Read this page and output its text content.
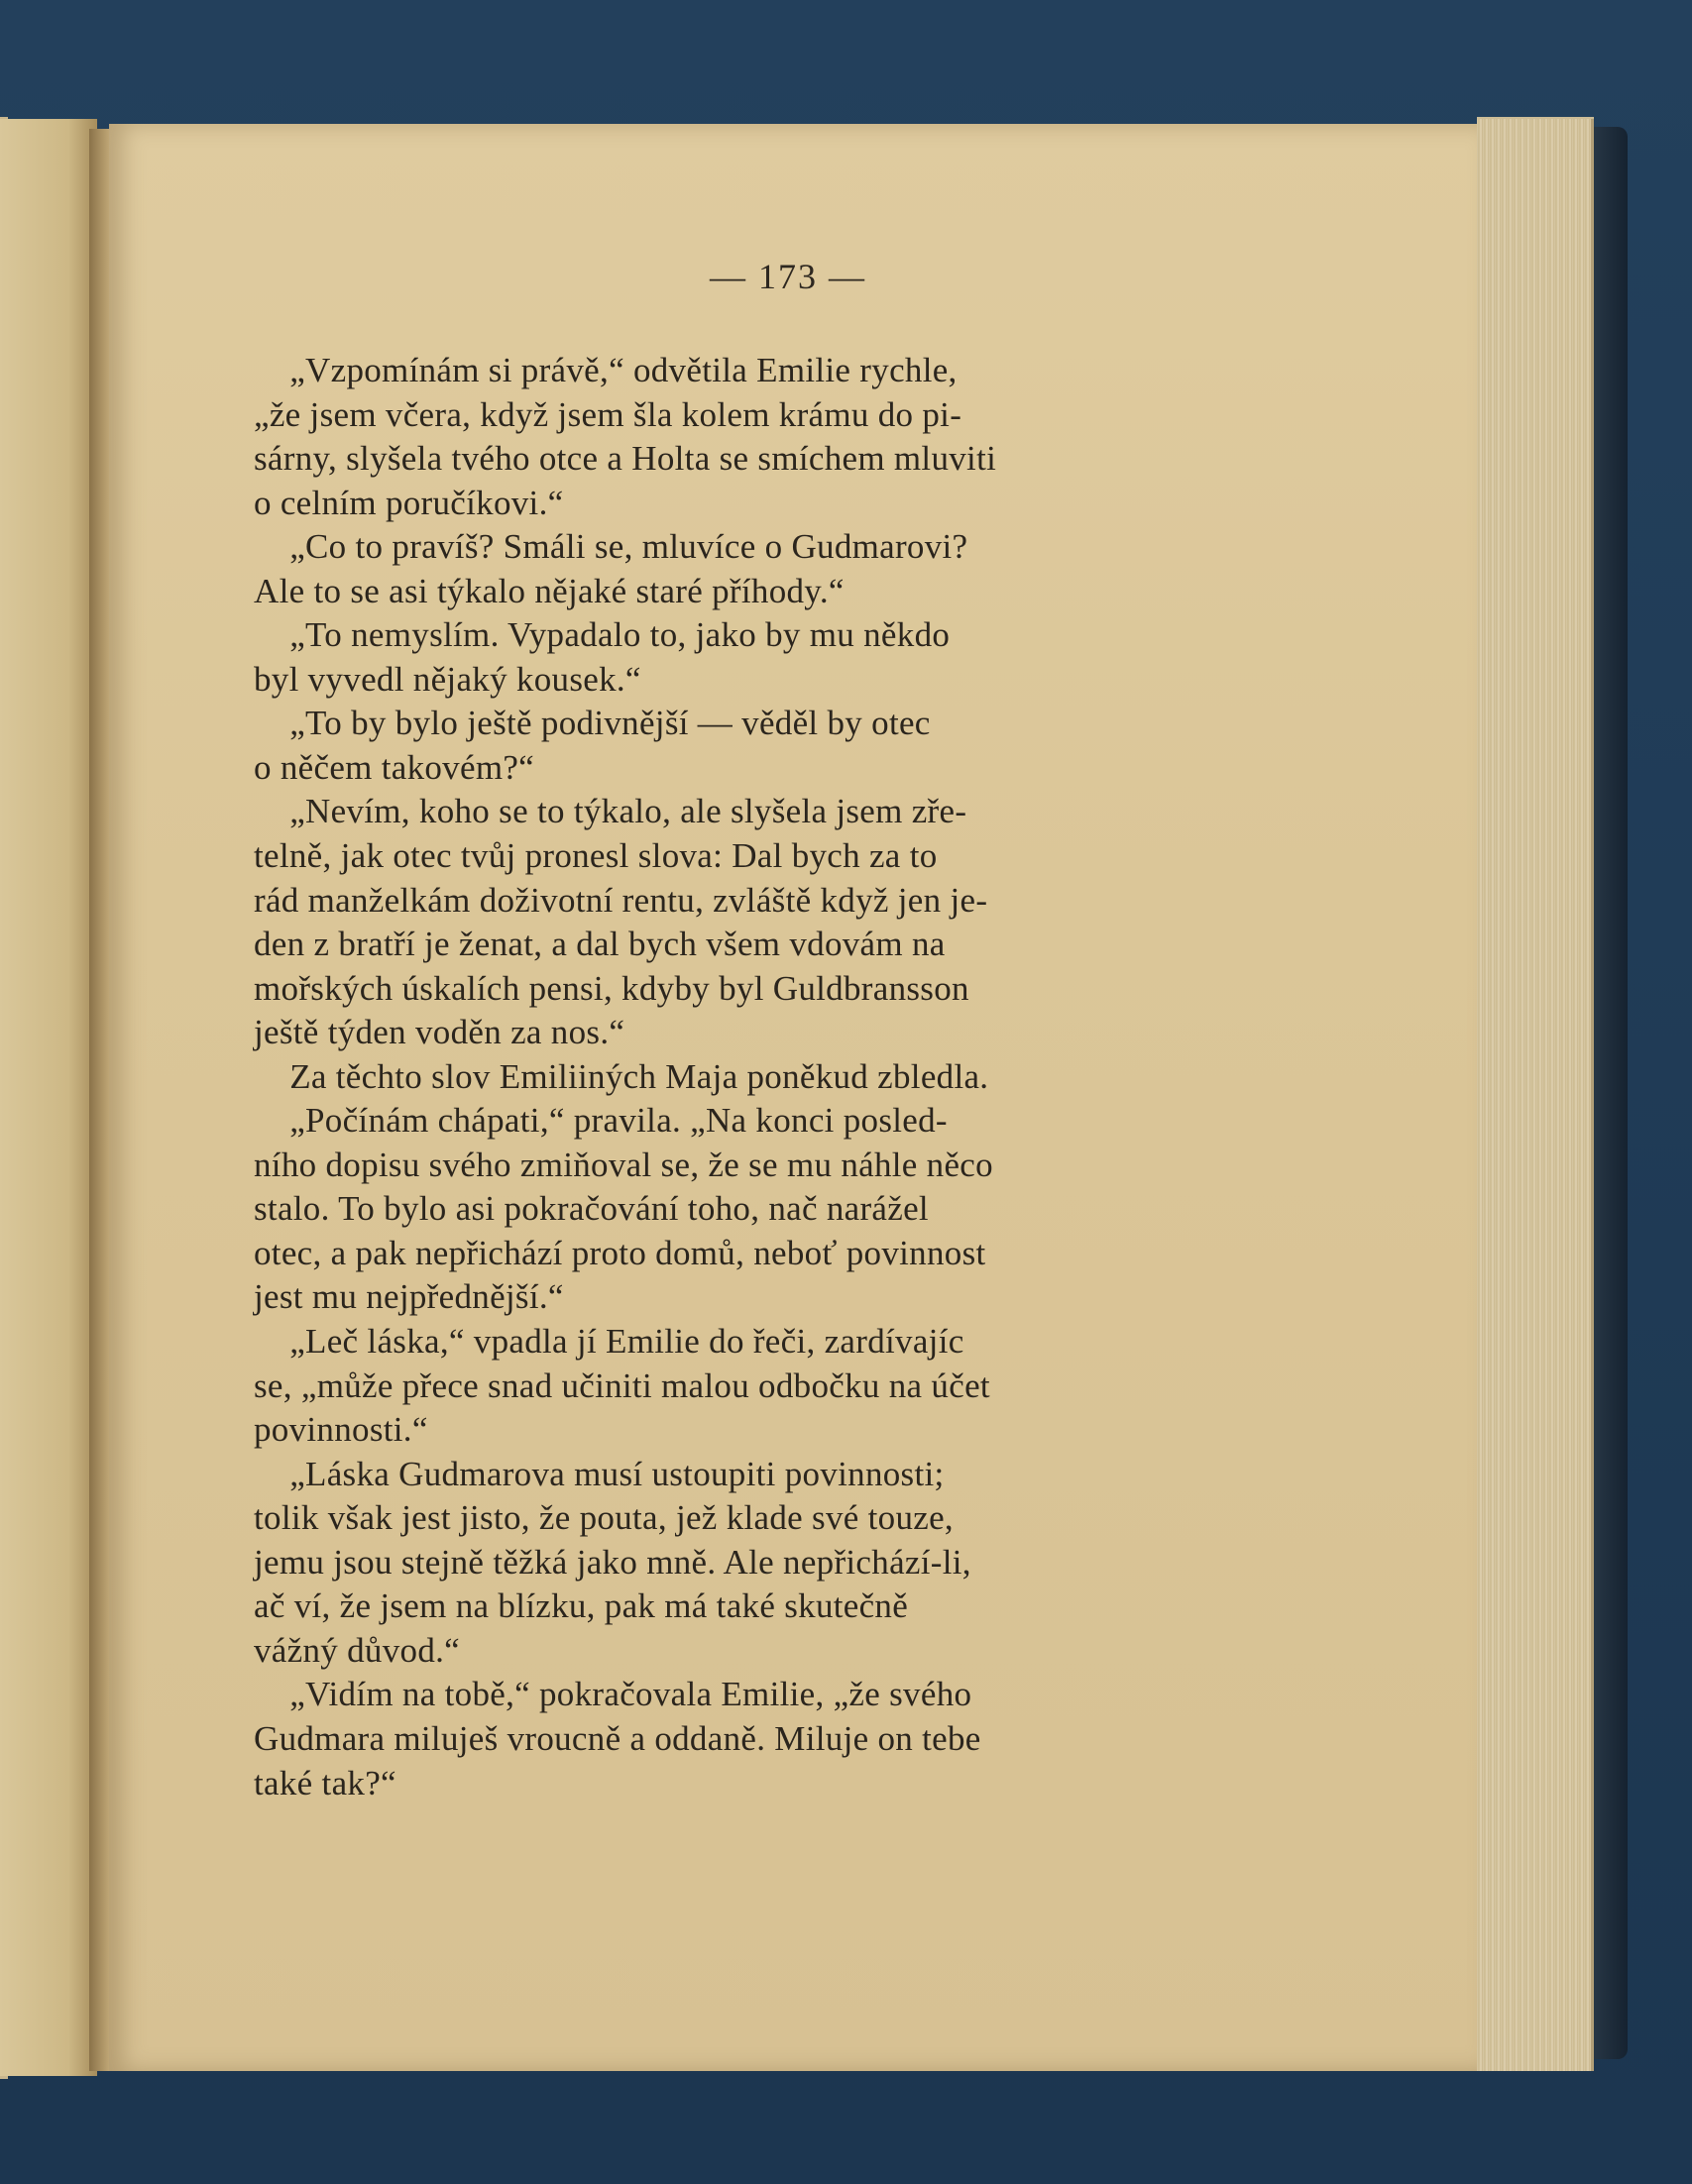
— 173 —
„Vzpomínám si právě,“ odvětila Emilie rychle,
„že jsem včera, když jsem šla kolem krámu do pi-
sárny, slyšela tvého otce a Holta se smíchem mluviti
o celním poručíkovi.“
„Co to pravíš? Smáli se, mluvíce o Gudmarovi?
Ale to se asi týkalo nějaké staré příhody.“
„To nemyslím. Vypadalo to, jako by mu někdo
byl vyvedl nějaký kousek.“
„To by bylo ještě podivnější — věděl by otec
o něčem takovém?“
„Nevím, koho se to týkalo, ale slyšela jsem zře-
telně, jak otec tvůj pronesl slova: Dal bych za to
rád manželkám doživotní rentu, zvláště když jen je-
den z bratří je ženat, a dal bych všem vdovám na
mořských úskalích pensi, kdyby byl Guldbransson
ještě týden voděn za nos.“
Za těchto slov Emiliiných Maja poněkud zbledla.
„Počínám chápati,“ pravila. „Na konci posled-
ního dopisu svého zmiňoval se, že se mu náhle něco
stalo. To bylo asi pokračování toho, nač narážel
otec, a pak nepřichází proto domů, neboť povinnost
jest mu nejpřednější.“
„Leč láska,“ vpadla jí Emilie do řeči, zardívajíc
se, „může přece snad učiniti malou odbočku na účet
povinnosti.“
„Láska Gudmarova musí ustoupiti povinnosti;
tolik však jest jisto, že pouta, jež klade své touze,
jemu jsou stejně těžká jako mně. Ale nepřichází-li,
ač ví, že jsem na blízku, pak má také skutečně
vážný důvod.“
„Vidím na tobě,“ pokračovala Emilie, „že svého
Gudmara miluješ vroucně a oddaně. Miluje on tebe
také tak?“
